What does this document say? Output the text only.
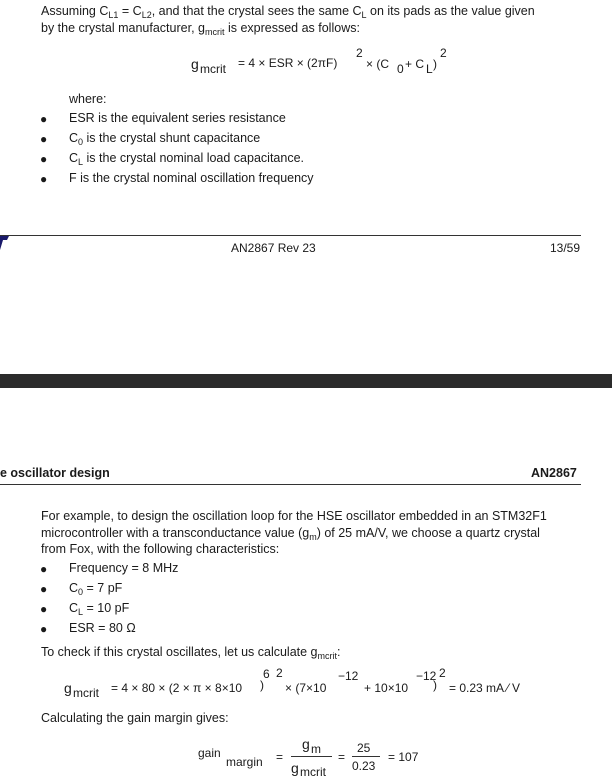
Assuming $C_{L1} = C_{L2}$, and that the crystal sees the same $C_L$ on its pads as the value given
by the crystal manufacturer, $g_{mcrit}$ is expressed as follows:
g mcrit = 4 × ESR × (2πF)
2
× (C 0 + C L )
2
where:
● ESR is the equivalent series resistance
● $C_0$ is the crystal shunt capacitance
● $C_L$ is the crystal nominal load capacitance.
● F is the crystal nominal oscillation frequency
AN2867 Rev 23	13/59
e oscillator design	AN2867
For example, to design the oscillation loop for the HSE oscillator embedded in an STM32F1
microcontroller with a transconductance value $(g_m)$ of 25 mA/V, we choose a quartz crystal
from Fox, with the following characteristics:
● Frequency = 8 MHz
● $C_0 = 7$ pF
● $C_L = 10$ pF
● ESR = 80 Ω
To check if this crystal oscillates, let us calculate $g_{mcrit}$:
g mcrit = 4 × 80 × (2 × π × 8×10
6
)
2
× (7×10
−12
+ 10×10
−12
)
2
= 0.23 mA ⁄ V
Calculating the gain margin gives:
gain
margin =
g m
g mcrit
=
25
0.23
= 107
